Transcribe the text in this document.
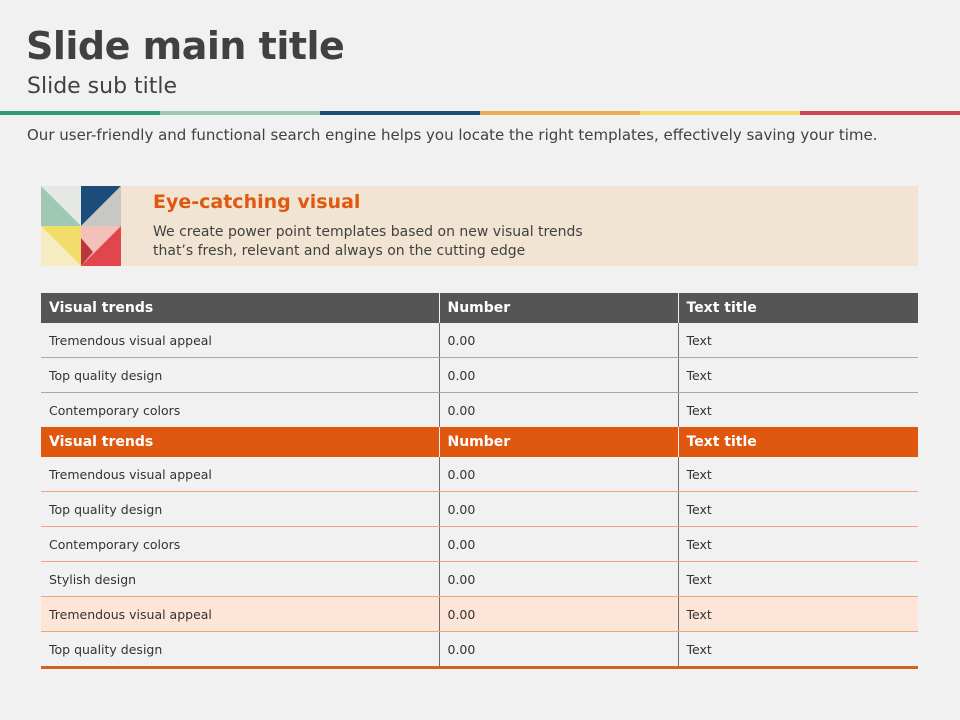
Slide main title
Slide sub title
Our user-friendly and functional search engine helps you locate the right templates, effectively saving your time.
Eye-catching visual
We create power point templates based on new visual trends
that’s fresh, relevant and always on the cutting edge
Visual trends	Number	Text title
Tremendous visual appeal	0.00	Text
Top quality design	0.00	Text
Contemporary colors	0.00	Text
Visual trends	Number	Text title
Tremendous visual appeal	0.00	Text
Top quality design	0.00	Text
Contemporary colors	0.00	Text
Stylish design	0.00	Text
Tremendous visual appeal	0.00	Text
Top quality design	0.00	Text
